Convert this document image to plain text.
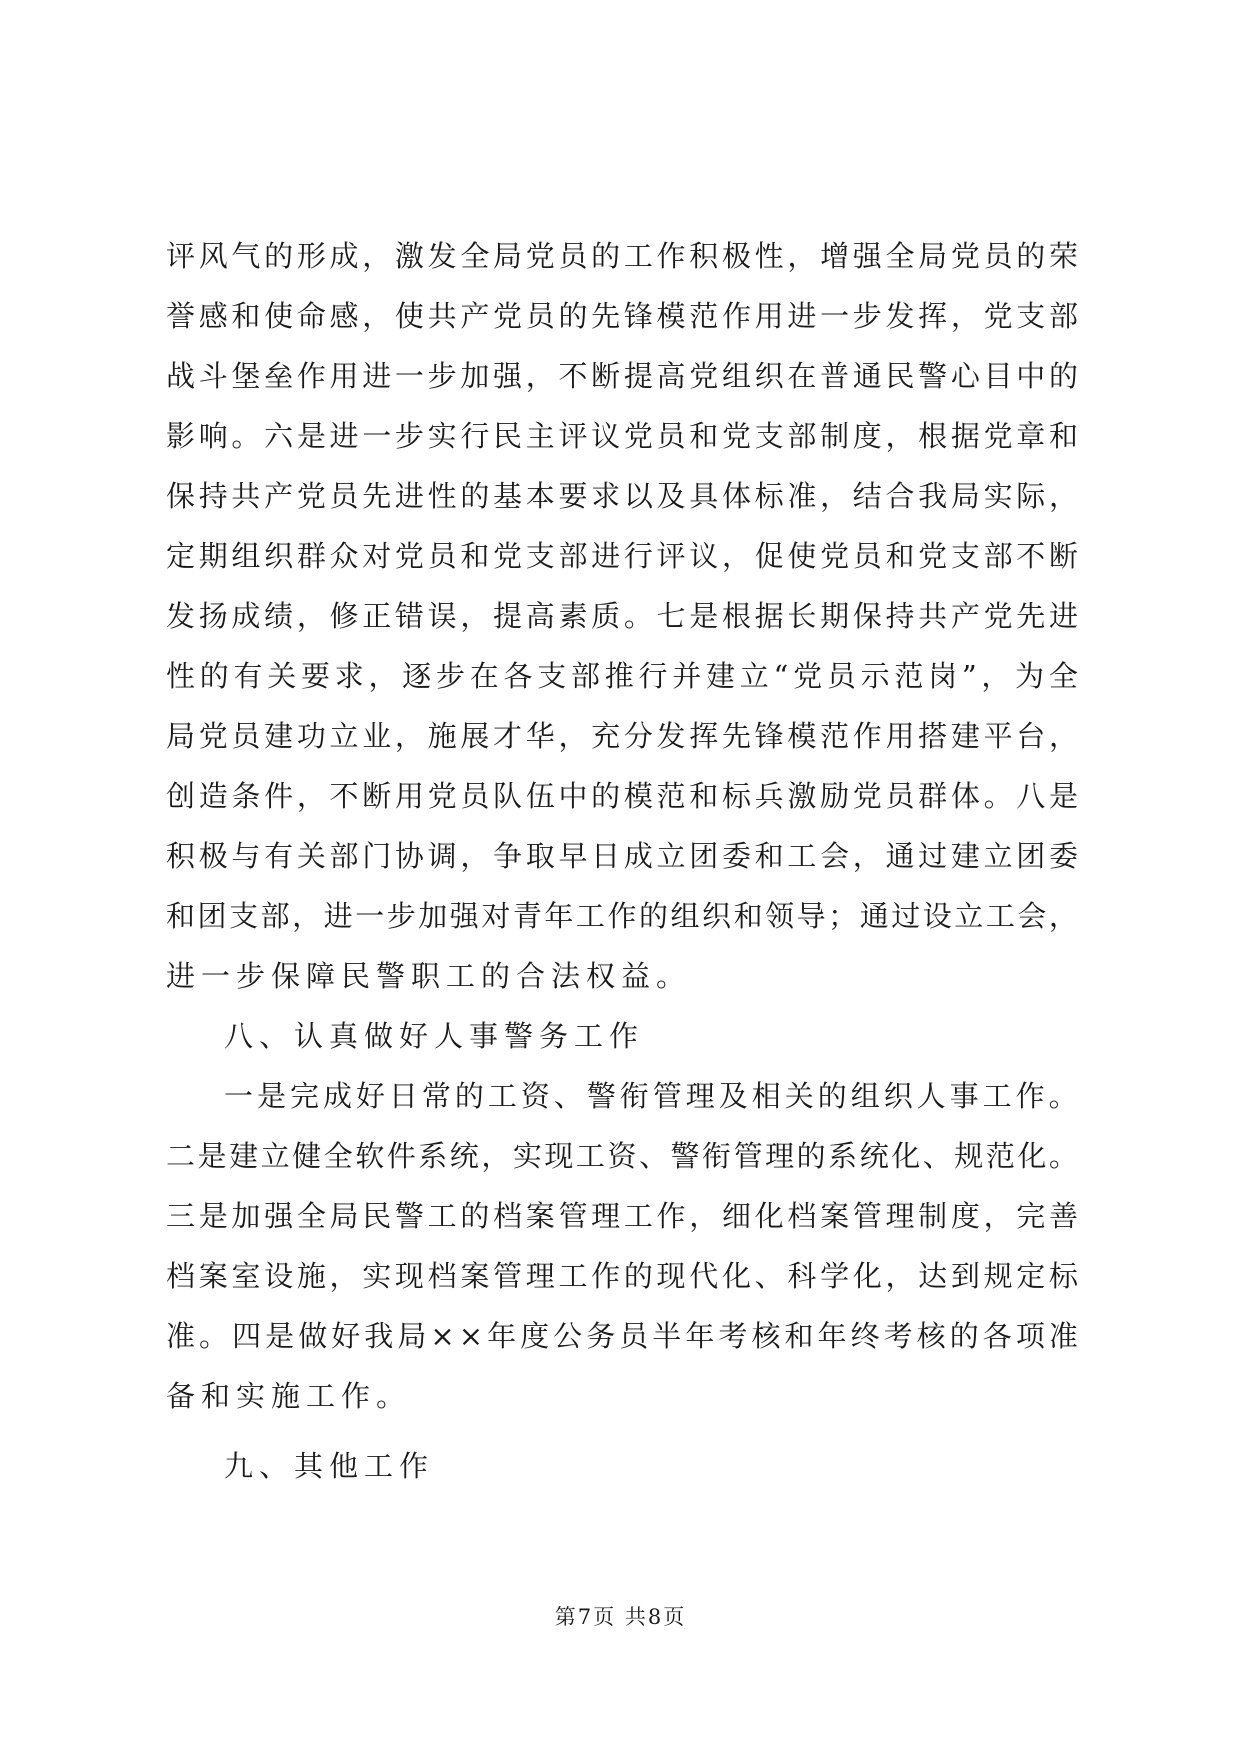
评 风 气 的 形 成 ， 激 发 全 局 党 员 的 工 作 积 极 性 ， 增 强 全 局 党 员 的 荣
誉 感 和 使 命 感 ， 使 共 产 党 员 的 先 锋 模 范 作 用 进 一 步 发 挥 ， 党 支 部
战 斗 堡 垒 作 用 进 一 步 加 强 ， 不 断 提 高 党 组 织 在 普 通 民 警 心 目 中 的
影 响 。 六 是 进 一 步 实 行 民 主 评 议 党 员 和 党 支 部 制 度 ， 根 据 党 章 和
保 持 共 产 党 员 先 进 性 的 基 本 要 求 以 及 具 体 标 准 ， 结 合 我 局 实 际 ，
定 期 组 织 群 众 对 党 员 和 党 支 部 进 行 评 议 ， 促 使 党 员 和 党 支 部 不 断
发 扬 成 绩 ， 修 正 错 误 ， 提 高 素 质 。 七 是 根 据 长 期 保 持 共 产 党 先 进
性 的 有 关 要 求 ， 逐 步 在 各 支 部 推 行 并 建 立 “ 党 员 示 范 岗 ” ， 为 全
局 党 员 建 功 立 业 ， 施 展 才 华 ， 充 分 发 挥 先 锋 模 范 作 用 搭 建 平 台 ，
创 造 条 件 ， 不 断 用 党 员 队 伍 中 的 模 范 和 标 兵 激 励 党 员 群 体 。 八 是
积 极 与 有 关 部 门 协 调 ， 争 取 早 日 成 立 团 委 和 工 会 ， 通 过 建 立 团 委
和 团 支 部 ， 进 一 步 加 强 对 青 年 工 作 的 组 织 和 领 导 ； 通 过 设 立 工 会 ，
进一步保障民警职工的合法权益。
八、认真做好人事警务工作
一 是 完 成 好 日 常 的 工 资 、 警 衔 管 理 及 相 关 的 组 织 人 事 工 作 。
二 是 建 立 健 全 软 件 系 统 ， 实 现 工 资 、 警 衔 管 理 的 系 统 化 、 规 范 化 。
三 是 加 强 全 局 民 警 工 的 档 案 管 理 工 作 ， 细 化 档 案 管 理 制 度 ， 完 善
档 案 室 设 施 ， 实 现 档 案 管 理 工 作 的 现 代 化 、 科 学 化 ， 达 到 规 定 标
准 。 四 是 做 好 我 局 × × 年 度 公 务 员 半 年 考 核 和 年 终 考 核 的 各 项 准
备和实施工作。
九、其他工作
第7页 共8页
